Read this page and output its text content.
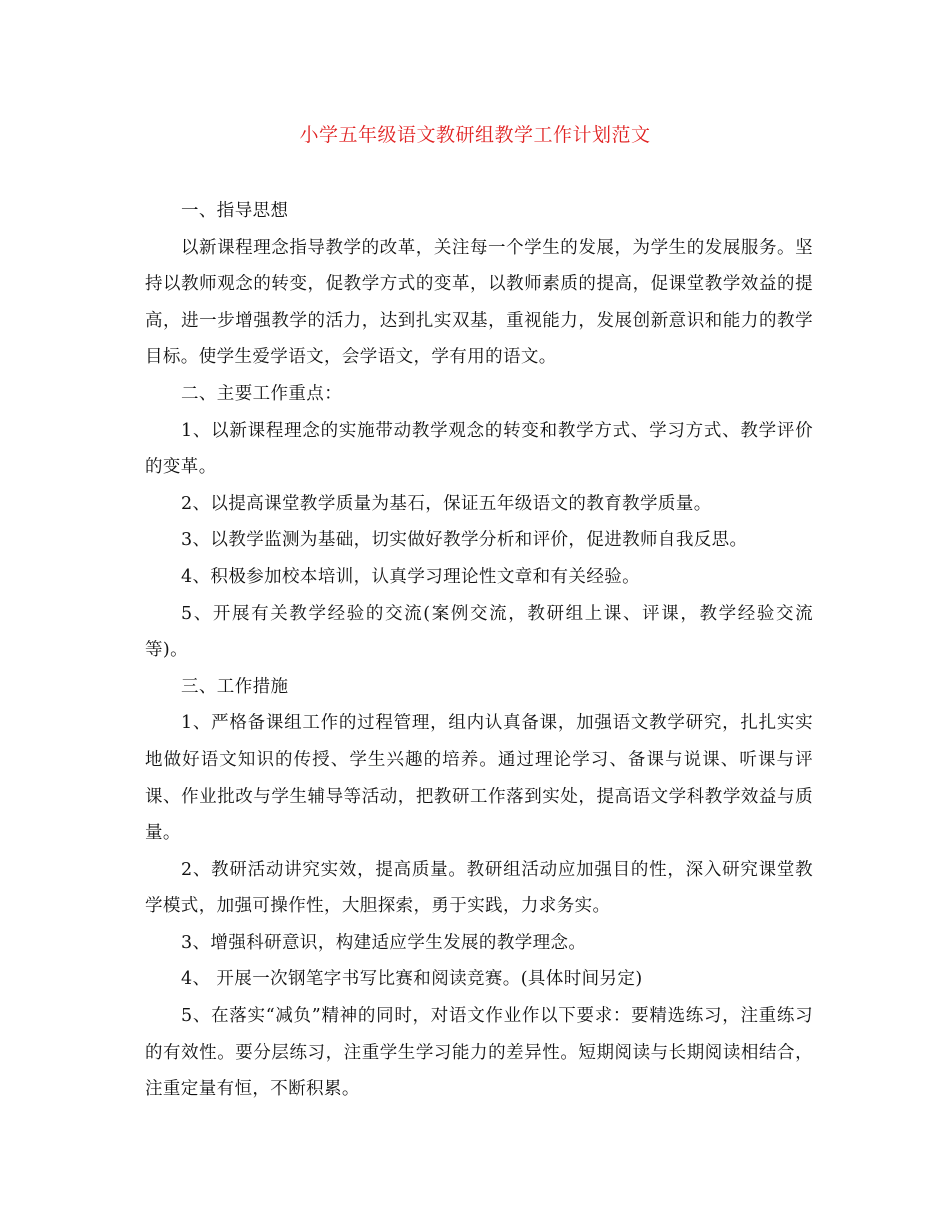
小学五年级语文教研组教学工作计划范文

一、指导思想

以新课程理念指导教学的改革，关注每一个学生的发展，为学生的发展服务。坚持以教师观念的转变，促教学方式的变革，以教师素质的提高，促课堂教学效益的提高，进一步增强教学的活力，达到扎实双基，重视能力，发展创新意识和能力的教学目标。使学生爱学语文，会学语文，学有用的语文。

二、主要工作重点：

1、以新课程理念的实施带动教学观念的转变和教学方式、学习方式、教学评价的变革。

2、以提高课堂教学质量为基石，保证五年级语文的教育教学质量。

3、以教学监测为基础，切实做好教学分析和评价，促进教师自我反思。

4、积极参加校本培训，认真学习理论性文章和有关经验。

5、开展有关教学经验的交流(案例交流，教研组上课、评课，教学经验交流等)。

三、工作措施

1、严格备课组工作的过程管理，组内认真备课，加强语文教学研究，扎扎实实地做好语文知识的传授、学生兴趣的培养。通过理论学习、备课与说课、听课与评课、作业批改与学生辅导等活动，把教研工作落到实处，提高语文学科教学效益与质量。

2、教研活动讲究实效，提高质量。教研组活动应加强目的性，深入研究课堂教学模式，加强可操作性，大胆探索，勇于实践，力求务实。

3、增强科研意识，构建适应学生发展的教学理念。

4、 开展一次钢笔字书写比赛和阅读竞赛。(具体时间另定)

5、在落实“减负”精神的同时，对语文作业作以下要求：要精选练习，注重练习的有效性。要分层练习，注重学生学习能力的差异性。短期阅读与长期阅读相结合，注重定量有恒，不断积累。
